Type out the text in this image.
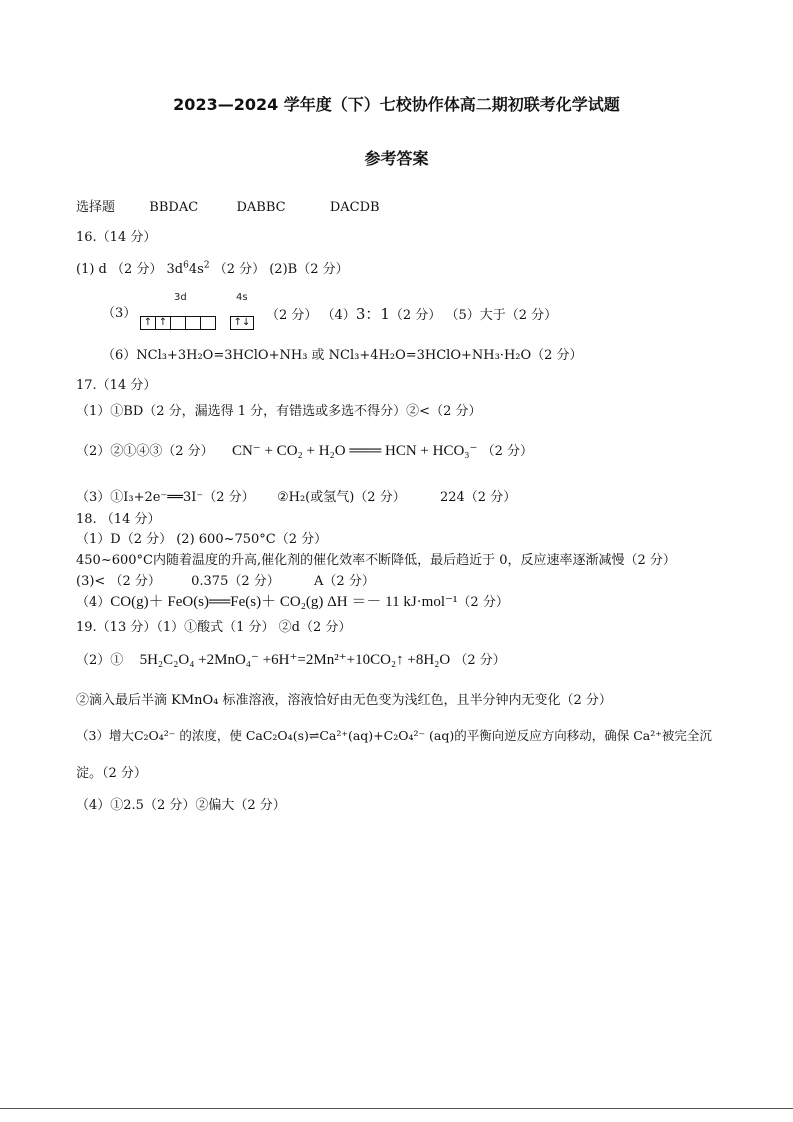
2023—2024 学年度（下）七校协作体高二期初联考化学试题
参考答案
选择题	BBDAC	DABBC	DACDB
16.（14 分）
(1) d （2 分） $3d^64s^2$ （2 分） (2)B（2 分）
（3）
3d	4s
↑ ↑	↑↓ （2 分） （4）3：1（2 分） （5）大于（2 分）
（6）NCl₃+3H₂O=3HClO+NH₃ 或 NCl₃+4H₂O=3HClO+NH₃·H₂O（2 分）
17.（14 分）
（1）①BD（2 分，漏选得 1 分，有错选或多选不得分）②<（2 分）
（2）②①④③（2 分） CN⁻ + CO₂ + H₂O ═══ HCN + HCO₃⁻ （2 分）
（3）①I₃+2e⁻══3I⁻（2 分） ②H₂(或氢气)（2 分）	224（2 分）
18. （14 分）
（1）D（2 分） (2) 600~750°C（2 分）
450~600°C内随着温度的升高,催化剂的催化效率不断降低，最后趋近于 0，反应速率逐渐减慢（2 分）
(3)< （2 分） 0.375（2 分）	A（2 分）
（4）CO(g)＋ FeO(s)══Fe(s)＋ CO₂(g) ΔH ＝－ 11 kJ·mol⁻¹（2 分）
19.（13 分）（1）①酸式（1 分） ②d（2 分）
（2）① 5H₂C₂O₄ +2MnO₄⁻ +6H⁺=2Mn²⁺+10CO₂↑ +8H₂O （2 分）
②滴入最后半滴 KMnO₄ 标准溶液，溶液恰好由无色变为浅红色，且半分钟内无变化（2 分）
（3）增大C₂O₄²⁻ 的浓度，使 CaC₂O₄(s)⇌Ca²⁺(aq)+C₂O₄²⁻ (aq)的平衡向逆反应方向移动，确保 Ca²⁺被完全沉
淀。（2 分）
（4）①2.5（2 分）②偏大（2 分）
